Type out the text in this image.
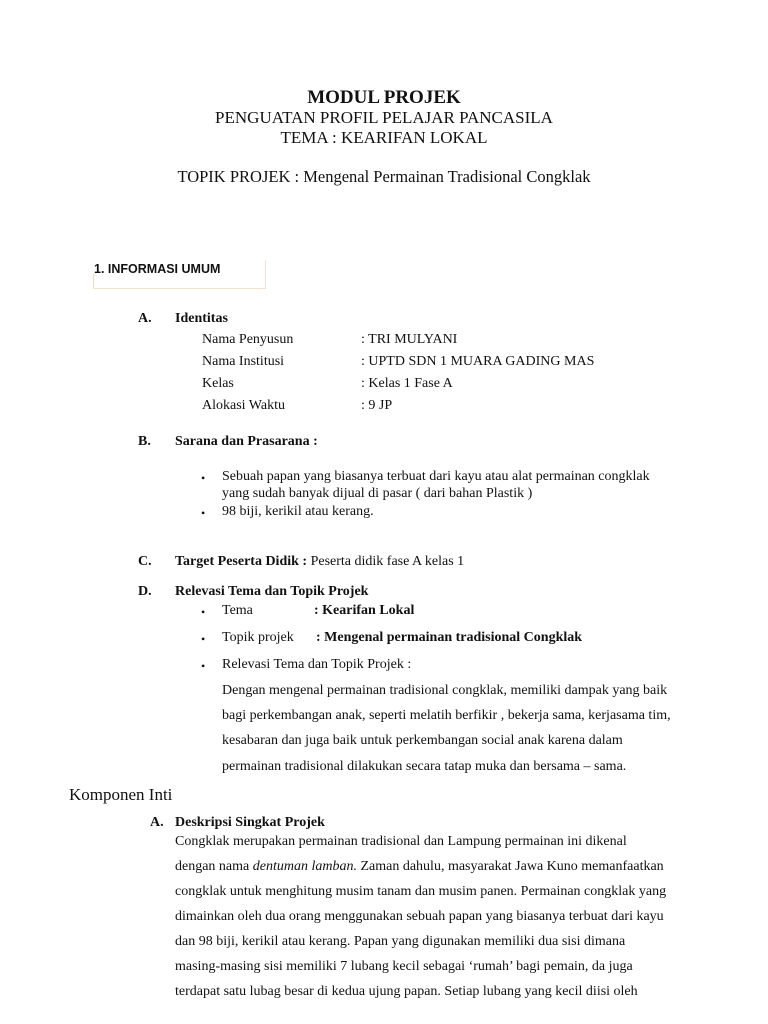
MODUL PROJEK
PENGUATAN PROFIL PELAJAR PANCASILA
TEMA : KEARIFAN LOKAL
TOPIK PROJEK : Mengenal Permainan Tradisional Congklak
1. INFORMASI UMUM
A. Identitas
Nama Penyusun	: TRI MULYANI
Nama Institusi	: UPTD SDN 1 MUARA GADING MAS
Kelas	: Kelas 1 Fase A
Alokasi Waktu	: 9 JP
B. Sarana dan Prasarana :
• Sebuah papan yang biasanya terbuat dari kayu atau alat permainan congklak
yang sudah banyak dijual di pasar ( dari bahan Plastik )
• 98 biji, kerikil atau kerang.
C. Target Peserta Didik : Peserta didik fase A kelas 1
D. Relevasi Tema dan Topik Projek
• Tema	: Kearifan Lokal
• Topik projek : Mengenal permainan tradisional Congklak
• Relevasi Tema dan Topik Projek :
Dengan mengenal permainan tradisional congklak, memiliki dampak yang baik
bagi perkembangan anak, seperti melatih berfikir , bekerja sama, kerjasama tim,
kesabaran dan juga baik untuk perkembangan social anak karena dalam
permainan tradisional dilakukan secara tatap muka dan bersama – sama.
Komponen Inti
A. Deskripsi Singkat Projek
Congklak merupakan permainan tradisional dan Lampung permainan ini dikenal
dengan nama dentuman lamban. Zaman dahulu, masyarakat Jawa Kuno memanfaatkan
congklak untuk menghitung musim tanam dan musim panen. Permainan congklak yang
dimainkan oleh dua orang menggunakan sebuah papan yang biasanya terbuat dari kayu
dan 98 biji, kerikil atau kerang. Papan yang digunakan memiliki dua sisi dimana
masing-masing sisi memiliki 7 lubang kecil sebagai ‘rumah’ bagi pemain, da juga
terdapat satu lubag besar di kedua ujung papan. Setiap lubang yang kecil diisi oleh
